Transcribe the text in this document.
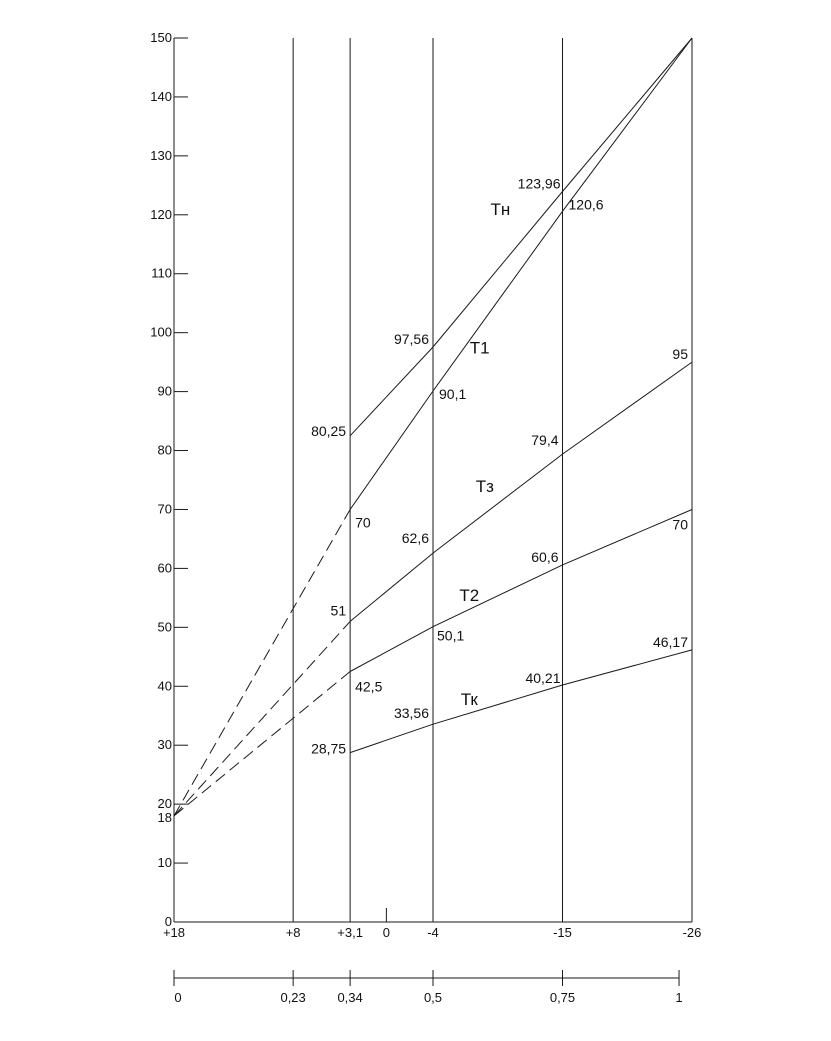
0
10
20
30
40
50
60
70
80
90
100
110
120
130
140
150
18
+18	+8	+3,1 0	-4	-15	-26
0	0,23 0,34	0,5	0,75	1
80,25
97,56
123,96
70
90,1
120,6
51
62,6
79,4
95
42,5
50,1
60,6
70
28,75
33,56
40,21
46,17
Тн
T1
Тз
T2
Тк
